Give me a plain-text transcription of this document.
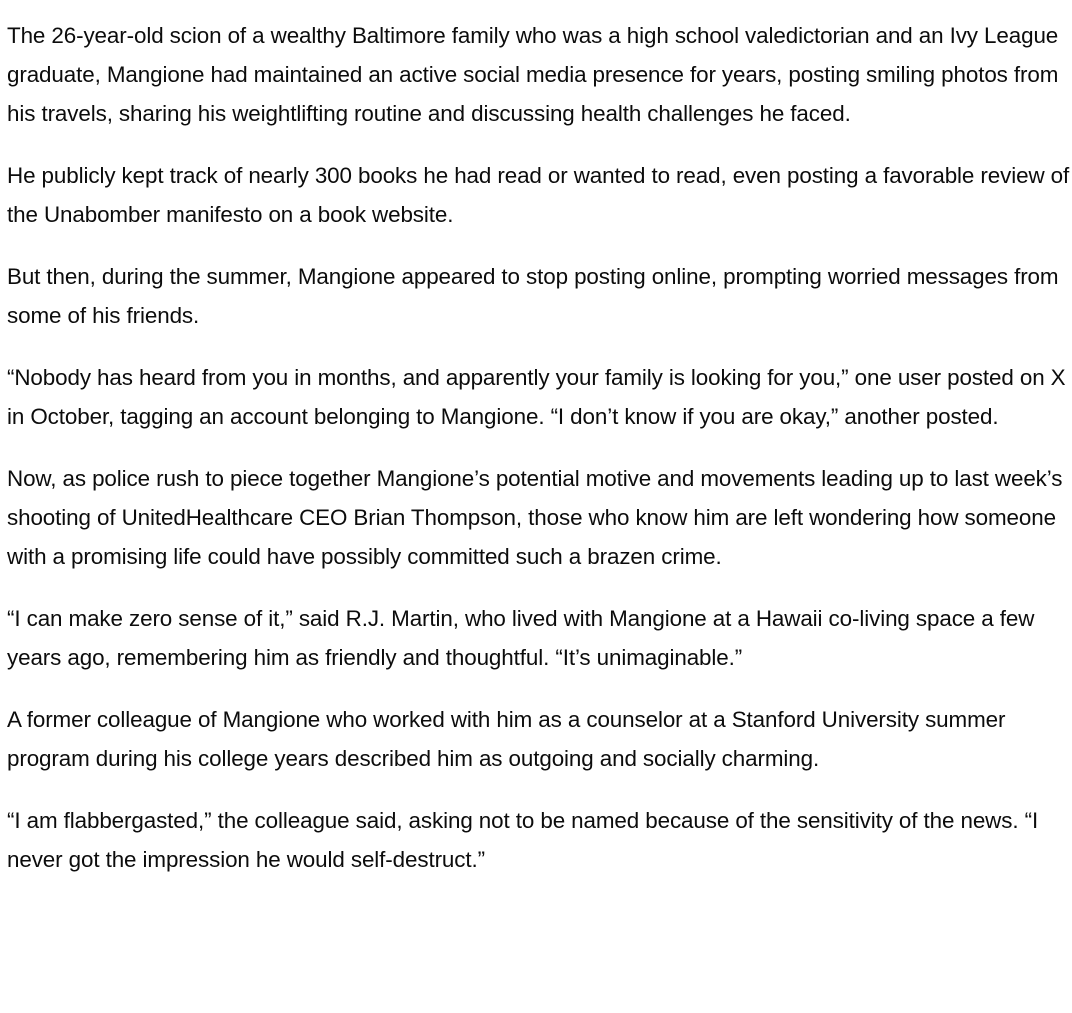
The 26-year-old scion of a wealthy Baltimore family who was a high school valedictorian and an Ivy League graduate, Mangione had maintained an active social media presence for years, posting smiling photos from his travels, sharing his weightlifting routine and discussing health challenges he faced.

He publicly kept track of nearly 300 books he had read or wanted to read, even posting a favorable review of the Unabomber manifesto on a book website.

But then, during the summer, Mangione appeared to stop posting online, prompting worried messages from some of his friends.

“Nobody has heard from you in months, and apparently your family is looking for you,” one user posted on X in October, tagging an account belonging to Mangione. “I don’t know if you are okay,” another posted.

Now, as police rush to piece together Mangione’s potential motive and movements leading up to last week’s shooting of UnitedHealthcare CEO Brian Thompson, those who know him are left wondering how someone with a promising life could have possibly committed such a brazen crime.

“I can make zero sense of it,” said R.J. Martin, who lived with Mangione at a Hawaii co-living space a few years ago, remembering him as friendly and thoughtful. “It’s unimaginable.”

A former colleague of Mangione who worked with him as a counselor at a Stanford University summer program during his college years described him as outgoing and socially charming.

“I am flabbergasted,” the colleague said, asking not to be named because of the sensitivity of the news. “I never got the impression he would self-destruct.”
